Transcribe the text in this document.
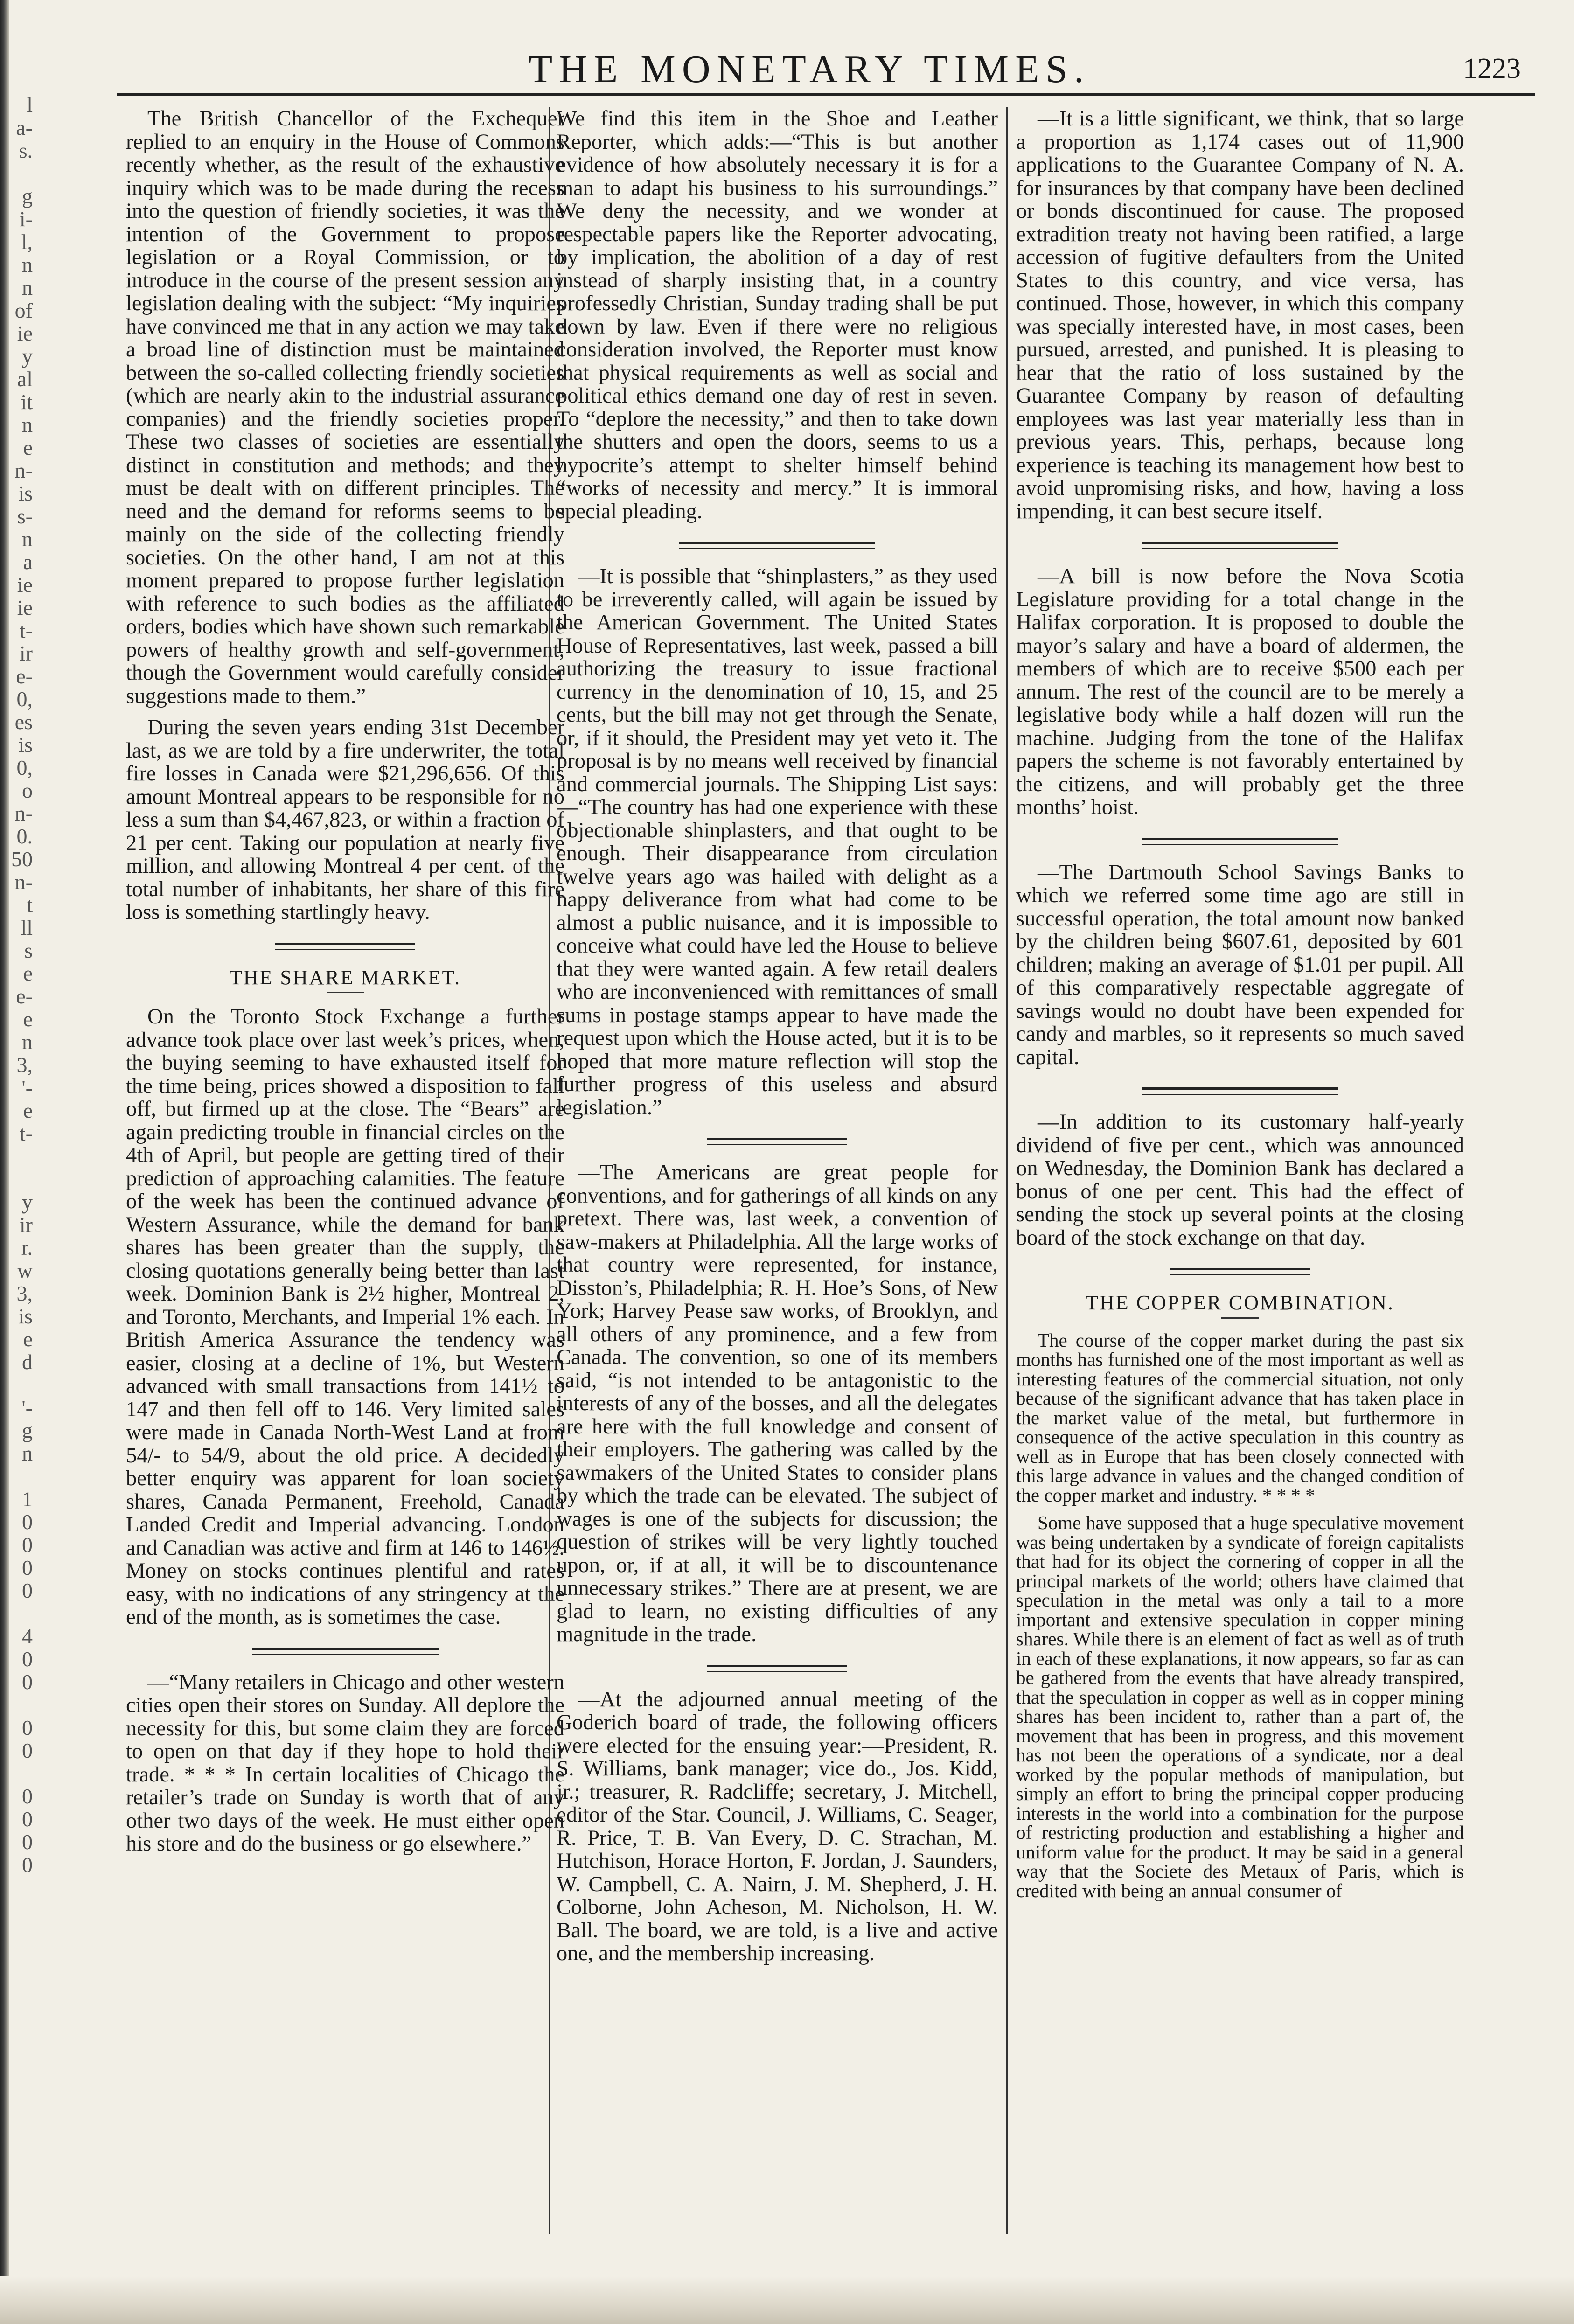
l
a-
s.

g
i-
l,
n
n
of
ie
y
al
it
n
e
n-
is
s-
n
a
ie
ie
t-
ir
e-
0,
es
is
0,
o
n-
0.
50
n-
t
ll
s
e
e-
e
n
3,
'-
e
t-

y
ir
r.
w
3,
is
e
d

'-
g
n

1
0
0
0
0

4
0
0

0
0

0
0
0
0
THE MONETARY TIMES.	1223

The British Chancellor of the Exchequer replied to an enquiry in the House of Commons recently whether, as the result of the exhaustive inquiry which was to be made during the recess into the question of friendly societies, it was the intention of the Government to propose legislation or a Royal Commission, or to introduce in the course of the present session any legislation dealing with the subject: “My inquiries have convinced me that in any action we may take a broad line of distinction must be maintained between the so-called collecting friendly societies (which are nearly akin to the industrial assurance companies) and the friendly societies proper. These two classes of societies are essentially distinct in constitution and methods; and they must be dealt with on different principles. The need and the demand for reforms seems to be mainly on the side of the collecting friendly societies. On the other hand, I am not at this moment prepared to propose further legislation with reference to such bodies as the affiliated orders, bodies which have shown such remarkable powers of healthy growth and self-government, though the Government would carefully consider suggestions made to them.”

During the seven years ending 31st December last, as we are told by a fire underwriter, the total fire losses in Canada were $21,296,656. Of this amount Montreal appears to be responsible for no less a sum than $4,467,823, or within a fraction of 21 per cent. Taking our population at nearly five million, and allowing Montreal 4 per cent. of the total number of inhabitants, her share of this fire loss is something startlingly heavy.

THE SHARE MARKET.

On the Toronto Stock Exchange a further advance took place over last week’s prices, when, the buying seeming to have exhausted itself for the time being, prices showed a disposition to fall off, but firmed up at the close. The “Bears” are again predicting trouble in financial circles on the 4th of April, but people are getting tired of their prediction of approaching calamities. The feature of the week has been the continued advance of Western Assurance, while the demand for bank shares has been greater than the supply, the closing quotations generally being better than last week. Dominion Bank is 2½ higher, Montreal 2, and Toronto, Merchants, and Imperial 1% each. In British America Assurance the tendency was easier, closing at a decline of 1%, but Western advanced with small transactions from 141½ to 147 and then fell off to 146. Very limited sales were made in Canada North-West Land at from 54/- to 54/9, about the old price. A decidedly better enquiry was apparent for loan society shares, Canada Permanent, Freehold, Canada Landed Credit and Imperial advancing. London and Canadian was active and firm at 146 to 146½. Money on stocks continues plentiful and rates easy, with no indications of any stringency at the end of the month, as is sometimes the case.

—“Many retailers in Chicago and other western cities open their stores on Sunday. All deplore the necessity for this, but some claim they are forced to open on that day if they hope to hold their trade. * * * In certain localities of Chicago the retailer’s trade on Sunday is worth that of any other two days of the week. He must either open his store and do the business or go elsewhere.”

We find this item in the Shoe and Leather Reporter, which adds:—“This is but another evidence of how absolutely necessary it is for a man to adapt his business to his surroundings.” We deny the necessity, and we wonder at respectable papers like the Reporter advocating, by implication, the abolition of a day of rest instead of sharply insisting that, in a country professedly Christian, Sunday trading shall be put down by law. Even if there were no religious consideration involved, the Reporter must know that physical requirements as well as social and political ethics demand one day of rest in seven. To “deplore the necessity,” and then to take down the shutters and open the doors, seems to us a hypocrite’s attempt to shelter himself behind “works of necessity and mercy.” It is immoral special pleading.

—It is possible that “shinplasters,” as they used to be irreverently called, will again be issued by the American Government. The United States House of Representatives, last week, passed a bill authorizing the treasury to issue fractional currency in the denomination of 10, 15, and 25 cents, but the bill may not get through the Senate, or, if it should, the President may yet veto it. The proposal is by no means well received by financial and commercial journals. The Shipping List says:—“The country has had one experience with these objectionable shinplasters, and that ought to be enough. Their disappearance from circulation twelve years ago was hailed with delight as a happy deliverance from what had come to be almost a public nuisance, and it is impossible to conceive what could have led the House to believe that they were wanted again. A few retail dealers who are inconvenienced with remittances of small sums in postage stamps appear to have made the request upon which the House acted, but it is to be hoped that more mature reflection will stop the further progress of this useless and absurd legislation.”

—The Americans are great people for conventions, and for gatherings of all kinds on any pretext. There was, last week, a convention of saw-makers at Philadelphia. All the large works of that country were represented, for instance, Disston’s, Philadelphia; R. H. Hoe’s Sons, of New York; Harvey Pease saw works, of Brooklyn, and all others of any prominence, and a few from Canada. The convention, so one of its members said, “is not intended to be antagonistic to the interests of any of the bosses, and all the delegates are here with the full knowledge and consent of their employers. The gathering was called by the sawmakers of the United States to consider plans by which the trade can be elevated. The subject of wages is one of the subjects for discussion; the question of strikes will be very lightly touched upon, or, if at all, it will be to discountenance unnecessary strikes.” There are at present, we are glad to learn, no existing difficulties of any magnitude in the trade.

—At the adjourned annual meeting of the Goderich board of trade, the following officers were elected for the ensuing year:—President, R. S. Williams, bank manager; vice do., Jos. Kidd, jr.; treasurer, R. Radcliffe; secretary, J. Mitchell, editor of the Star. Council, J. Williams, C. Seager, R. Price, T. B. Van Every, D. C. Strachan, M. Hutchison, Horace Horton, F. Jordan, J. Saunders, W. Campbell, C. A. Nairn, J. M. Shepherd, J. H. Colborne, John Acheson, M. Nicholson, H. W. Ball. The board, we are told, is a live and active one, and the membership increasing.

—It is a little significant, we think, that so large a proportion as 1,174 cases out of 11,900 applications to the Guarantee Company of N. A. for insurances by that company have been declined or bonds discontinued for cause. The proposed extradition treaty not having been ratified, a large accession of fugitive defaulters from the United States to this country, and vice versa, has continued. Those, however, in which this company was specially interested have, in most cases, been pursued, arrested, and punished. It is pleasing to hear that the ratio of loss sustained by the Guarantee Company by reason of defaulting employees was last year materially less than in previous years. This, perhaps, because long experience is teaching its management how best to avoid unpromising risks, and how, having a loss impending, it can best secure itself.

—A bill is now before the Nova Scotia Legislature providing for a total change in the Halifax corporation. It is proposed to double the mayor’s salary and have a board of aldermen, the members of which are to receive $500 each per annum. The rest of the council are to be merely a legislative body while a half dozen will run the machine. Judging from the tone of the Halifax papers the scheme is not favorably entertained by the citizens, and will probably get the three months’ hoist.

—The Dartmouth School Savings Banks to which we referred some time ago are still in successful operation, the total amount now banked by the children being $607.61, deposited by 601 children; making an average of $1.01 per pupil. All of this comparatively respectable aggregate of savings would no doubt have been expended for candy and marbles, so it represents so much saved capital.

—In addition to its customary half-yearly dividend of five per cent., which was announced on Wednesday, the Dominion Bank has declared a bonus of one per cent. This had the effect of sending the stock up several points at the closing board of the stock exchange on that day.

THE COPPER COMBINATION.

The course of the copper market during the past six months has furnished one of the most important as well as interesting features of the commercial situation, not only because of the significant advance that has taken place in the market value of the metal, but furthermore in consequence of the active speculation in this country as well as in Europe that has been closely connected with this large advance in values and the changed condition of the copper market and industry. * * * *

Some have supposed that a huge speculative movement was being undertaken by a syndicate of foreign capitalists that had for its object the cornering of copper in all the principal markets of the world; others have claimed that speculation in the metal was only a tail to a more important and extensive speculation in copper mining shares. While there is an element of fact as well as of truth in each of these explanations, it now appears, so far as can be gathered from the events that have already transpired, that the speculation in copper as well as in copper mining shares has been incident to, rather than a part of, the movement that has been in progress, and this movement has not been the operations of a syndicate, nor a deal worked by the popular methods of manipulation, but simply an effort to bring the principal copper producing interests in the world into a combination for the purpose of restricting production and establishing a higher and uniform value for the product. It may be said in a general way that the Societe des Metaux of Paris, which is credited with being an annual consumer of
